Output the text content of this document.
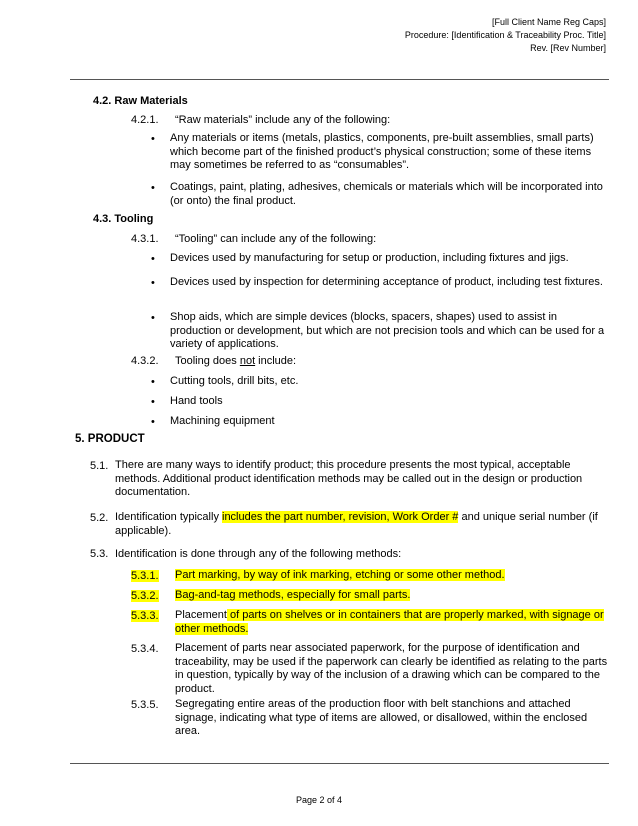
[Full Client Name Reg Caps]
Procedure: [Identification & Traceability Proc. Title]
Rev. [Rev Number]
4.2. Raw Materials
4.2.1. “Raw materials” include any of the following:
• Any materials or items (metals, plastics, components, pre-built assemblies, small parts) which become part of the finished product’s physical construction; some of these items may sometimes be referred to as “consumables”.
• Coatings, paint, plating, adhesives, chemicals or materials which will be incorporated into (or onto) the final product.
4.3. Tooling
4.3.1. “Tooling” can include any of the following:
• Devices used by manufacturing for setup or production, including fixtures and jigs.
• Devices used by inspection for determining acceptance of product, including test fixtures.
• Shop aids, which are simple devices (blocks, spacers, shapes) used to assist in production or development, but which are not precision tools and which can be used for a variety of applications.
4.3.2. Tooling does not include:
• Cutting tools, drill bits, etc.
• Hand tools
• Machining equipment
5. PRODUCT
5.1. There are many ways to identify product; this procedure presents the most typical, acceptable methods. Additional product identification methods may be called out in the design or production documentation.
5.2. Identification typically includes the part number, revision, Work Order # and unique serial number (if applicable).
5.3. Identification is done through any of the following methods:
5.3.1. Part marking, by way of ink marking, etching or some other method.
5.3.2. Bag-and-tag methods, especially for small parts.
5.3.3. Placement of parts on shelves or in containers that are properly marked, with signage or other methods.
5.3.4. Placement of parts near associated paperwork, for the purpose of identification and traceability, may be used if the paperwork can clearly be identified as relating to the parts in question, typically by way of the inclusion of a drawing which can be compared to the product.
5.3.5. Segregating entire areas of the production floor with belt stanchions and attached signage, indicating what type of items are allowed, or disallowed, within the enclosed area.
Page 2 of 4
